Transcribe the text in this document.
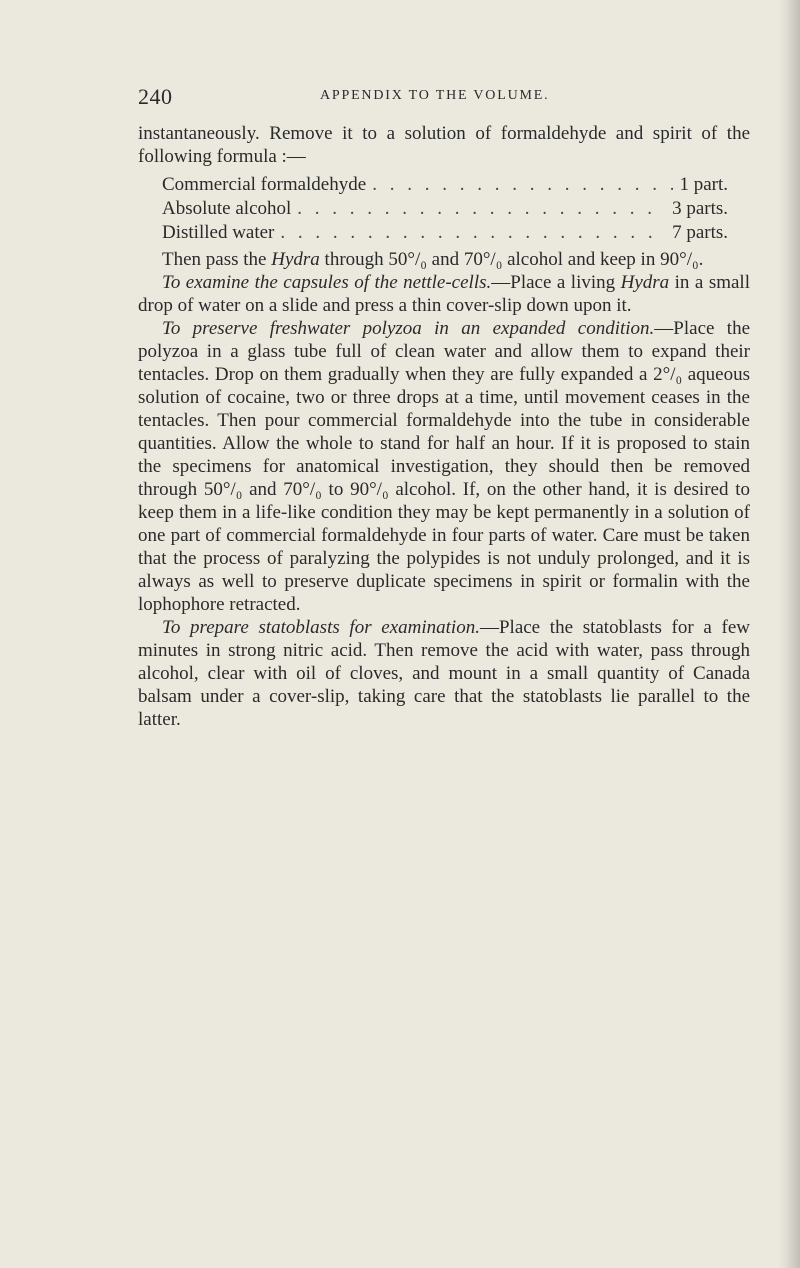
240	APPENDIX TO THE VOLUME.

instantaneously. Remove it to a solution of formaldehyde and spirit of the following formula :—

Commercial formaldehyde . . .	1 part.
Absolute alcohol . . .	3 parts.
Distilled water . . .	7 parts.

Then pass the Hydra through 50°/₀ and 70°/₀ alcohol and keep in 90°/₀.

To examine the capsules of the nettle-cells.—Place a living Hydra in a small drop of water on a slide and press a thin cover-slip down upon it.

To preserve freshwater polyzoa in an expanded condition.—Place the polyzoa in a glass tube full of clean water and allow them to expand their tentacles. Drop on them gradually when they are fully expanded a 2°/₀ aqueous solution of cocaine, two or three drops at a time, until movement ceases in the tentacles. Then pour commercial formaldehyde into the tube in considerable quantities. Allow the whole to stand for half an hour. If it is proposed to stain the specimens for anatomical investigation, they should then be removed through 50°/₀ and 70°/₀ to 90°/₀ alcohol. If, on the other hand, it is desired to keep them in a life-like condition they may be kept permanently in a solution of one part of commercial formaldehyde in four parts of water. Care must be taken that the process of paralyzing the polypides is not unduly prolonged, and it is always as well to preserve duplicate specimens in spirit or formalin with the lophophore retracted.

To prepare statoblasts for examination.—Place the statoblasts for a few minutes in strong nitric acid. Then remove the acid with water, pass through alcohol, clear with oil of cloves, and mount in a small quantity of Canada balsam under a cover-slip, taking care that the statoblasts lie parallel to the latter.
